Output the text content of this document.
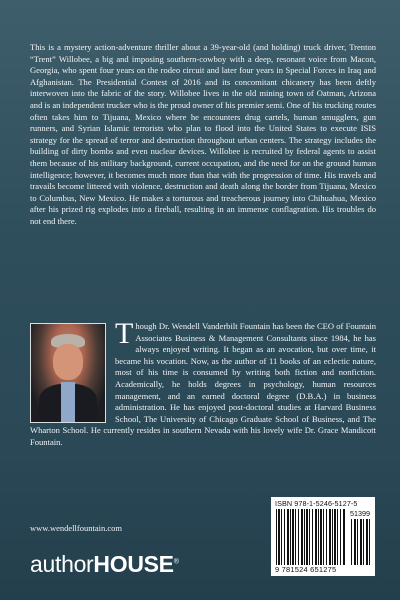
This is a mystery action-adventure thriller about a 39-year-old (and holding) truck driver, Trenton “Trent” Willobee, a big and imposing southern-cowboy with a deep, resonant voice from Macon, Georgia, who spent four years on the rodeo circuit and later four years in Special Forces in Iraq and Afghanistan. The Presidential Contest of 2016 and its concomitant chicanery has been deftly interwoven into the fabric of the story. Willobee lives in the old mining town of Oatman, Arizona and is an independent trucker who is the proud owner of his premier semi. One of his trucking routes often takes him to Tijuana, Mexico where he encounters drug cartels, human smugglers, gun runners, and Syrian Islamic terrorists who plan to flood into the United States to execute ISIS strategy for the spread of terror and destruction throughout urban centers. The strategy includes the building of dirty bombs and even nuclear devices. Willobee is recruited by federal agents to assist them because of his military background, current occupation, and the need for on the ground human intelligence; however, it becomes much more than that with the progression of time. His travels and travails become littered with violence, destruction and death along the border from Tijuana, Mexico to Columbus, New Mexico. He makes a torturous and treacherous journey into Chihuahua, Mexico after his prized rig explodes into a fireball, resulting in an immense conflagration. His troubles do not end there.

Though Dr. Wendell Vanderbilt Fountain has been the CEO of Fountain Associates Business & Management Consultants since 1984, he has always enjoyed writing. It began as an avocation, but over time, it became his vocation. Now, as the author of 11 books of an eclectic nature, most of his time is consumed by writing both fiction and nonfiction. Academically, he holds degrees in psychology, human resources management, and an earned doctoral degree (D.B.A.) in business administration. He has enjoyed post-doctoral studies at Harvard Business School, The University of Chicago Graduate School of Business, and The Wharton School. He currently resides in southern Nevada with his lovely wife Dr. Grace Mandicott Fountain.

www.wendellfountain.com
authorHOUSE®
ISBN 978-1-5246-5127-5
51399
9 781524 651275
